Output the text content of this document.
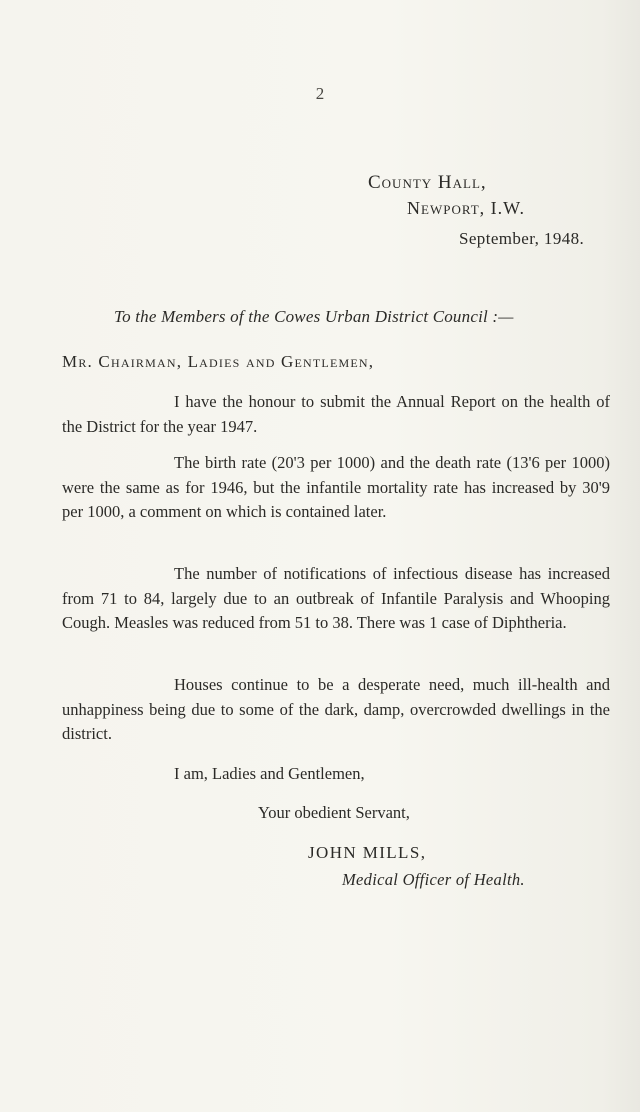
2
County Hall,
Newport, I.W.
September, 1948.
To the Members of the Cowes Urban District Council :—
Mr. Chairman, Ladies and Gentlemen,

I have the honour to submit the Annual Report on the health of the District for the year 1947.

The birth rate (20'3 per 1000) and the death rate (13'6 per 1000) were the same as for 1946, but the infantile mortality rate has increased by 30'9 per 1000, a comment on which is contained later.

The number of notifications of infectious disease has increased from 71 to 84, largely due to an outbreak of Infantile Paralysis and Whooping Cough. Measles was reduced from 51 to 38. There was 1 case of Diphtheria.

Houses continue to be a desperate need, much ill-health and unhappiness being due to some of the dark, damp, overcrowded dwellings in the district.

I am, Ladies and Gentlemen,
Your obedient Servant,
JOHN MILLS,
Medical Officer of Health.
